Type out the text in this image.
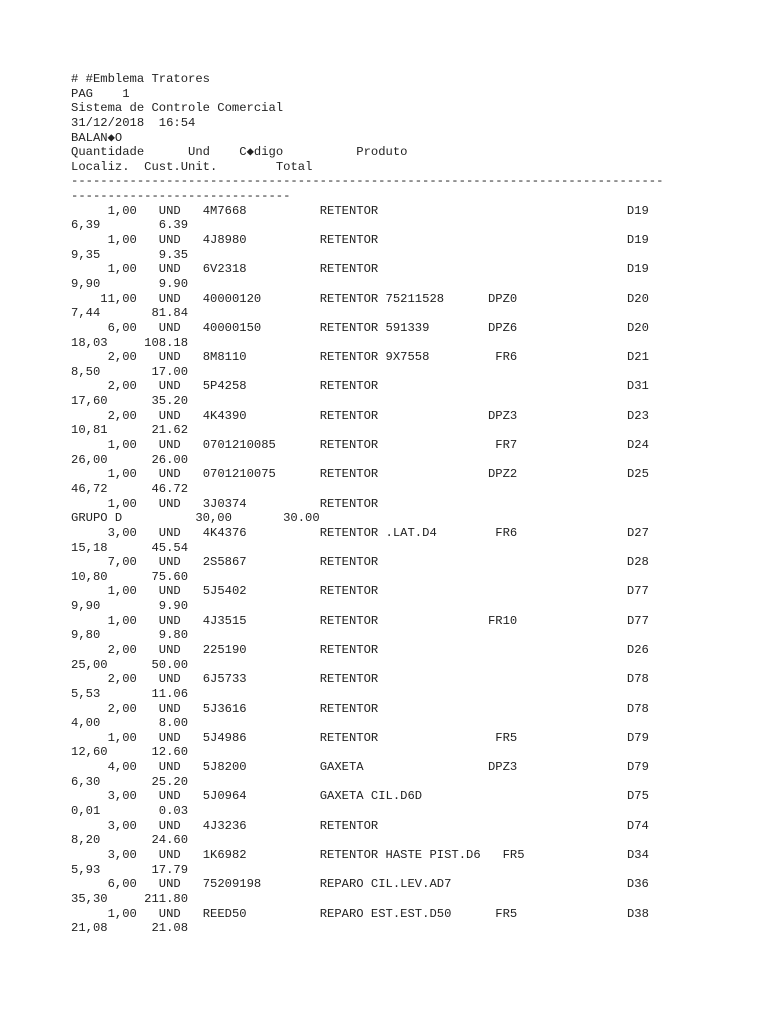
# #Emblema Tratores
PAG 1
Sistema de Controle Comercial
31/12/2018 16:54
BALAN◆O
Quantidade	Und C◆digo	Produto
Localiz. Cust.Unit.	Total
---------------------------------------------------------------------------------
------------------------------
1,00 UND 4M7668	RETENTOR	D19
6,39	6.39
1,00 UND 4J8980	RETENTOR	D19
9,35	9.35
1,00 UND 6V2318	RETENTOR	D19
9,90	9.90
11,00 UND 40000120	RETENTOR 75211528	DPZ0	D20
7,44	81.84
6,00 UND 40000150	RETENTOR 591339	DPZ6	D20
18,03	108.18
2,00 UND 8M8110	RETENTOR 9X7558	FR6	D21
8,50	17.00
2,00 UND 5P4258	RETENTOR	D31
17,60	35.20
2,00 UND 4K4390	RETENTOR	DPZ3	D23
10,81	21.62
1,00 UND 0701210085	RETENTOR	FR7	D24
26,00	26.00
1,00 UND 0701210075	RETENTOR	DPZ2	D25
46,72	46.72
1,00 UND 3J0374	RETENTOR
GRUPO D          30,00       30.00
3,00 UND 4K4376	RETENTOR .LAT.D4	FR6	D27
15,18	45.54
7,00 UND 2S5867	RETENTOR	D28
10,80	75.60
1,00 UND 5J5402	RETENTOR	D77
9,90	9.90
1,00 UND 4J3515	RETENTOR	FR10	D77
9,80	9.80
2,00 UND 225190	RETENTOR	D26
25,00	50.00
2,00 UND 6J5733	RETENTOR	D78
5,53	11.06
2,00 UND 5J3616	RETENTOR	D78
4,00	8.00
1,00 UND 5J4986	RETENTOR	FR5	D79
12,60	12.60
4,00 UND 5J8200	GAXETA	DPZ3	D79
6,30	25.20
3,00 UND 5J0964	GAXETA CIL.D6D	D75
0,01	0.03
3,00 UND 4J3236	RETENTOR	D74
8,20	24.60
3,00 UND 1K6982	RETENTOR HASTE PIST.D6   FR5	D34
5,93	17.79
6,00 UND 75209198	REPARO CIL.LEV.AD7	D36
35,30	211.80
1,00 UND REED50	REPARO EST.EST.D50	FR5	D38
21,08	21.08
